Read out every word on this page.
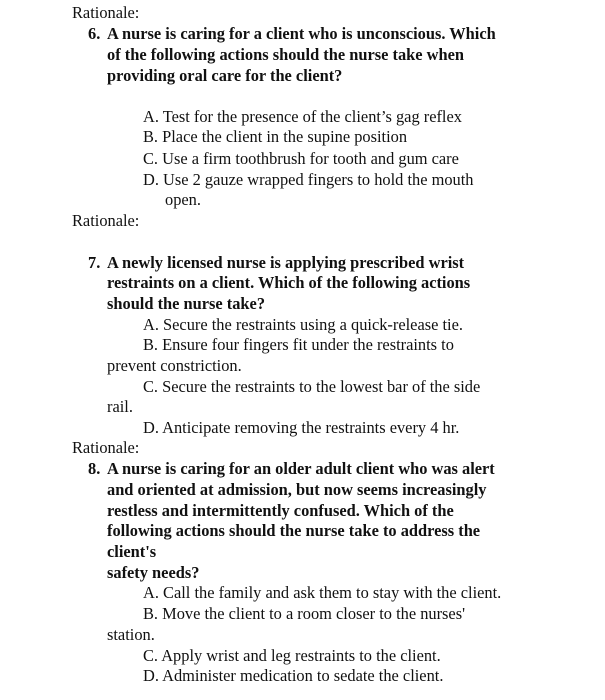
Rationale:
6. A nurse is caring for a client who is unconscious. Which
of the following actions should the nurse take when
providing oral care for the client?
A. Test for the presence of the client’s gag reflex
B. Place the client in the supine position
C. Use a firm toothbrush for tooth and gum care
D. Use 2 gauze wrapped fingers to hold the mouth
open.
Rationale:
7. A newly licensed nurse is applying prescribed wrist
restraints on a client. Which of the following actions
should the nurse take?
A. Secure the restraints using a quick-release tie.
B. Ensure four fingers fit under the restraints to
prevent constriction.
C. Secure the restraints to the lowest bar of the side
rail.
D. Anticipate removing the restraints every 4 hr.
Rationale:
8. A nurse is caring for an older adult client who was alert
and oriented at admission, but now seems increasingly
restless and intermittently confused. Which of the
following actions should the nurse take to address the
client's
safety needs?
A. Call the family and ask them to stay with the client.
B. Move the client to a room closer to the nurses'
station.
C. Apply wrist and leg restraints to the client.
D. Administer medication to sedate the client.
